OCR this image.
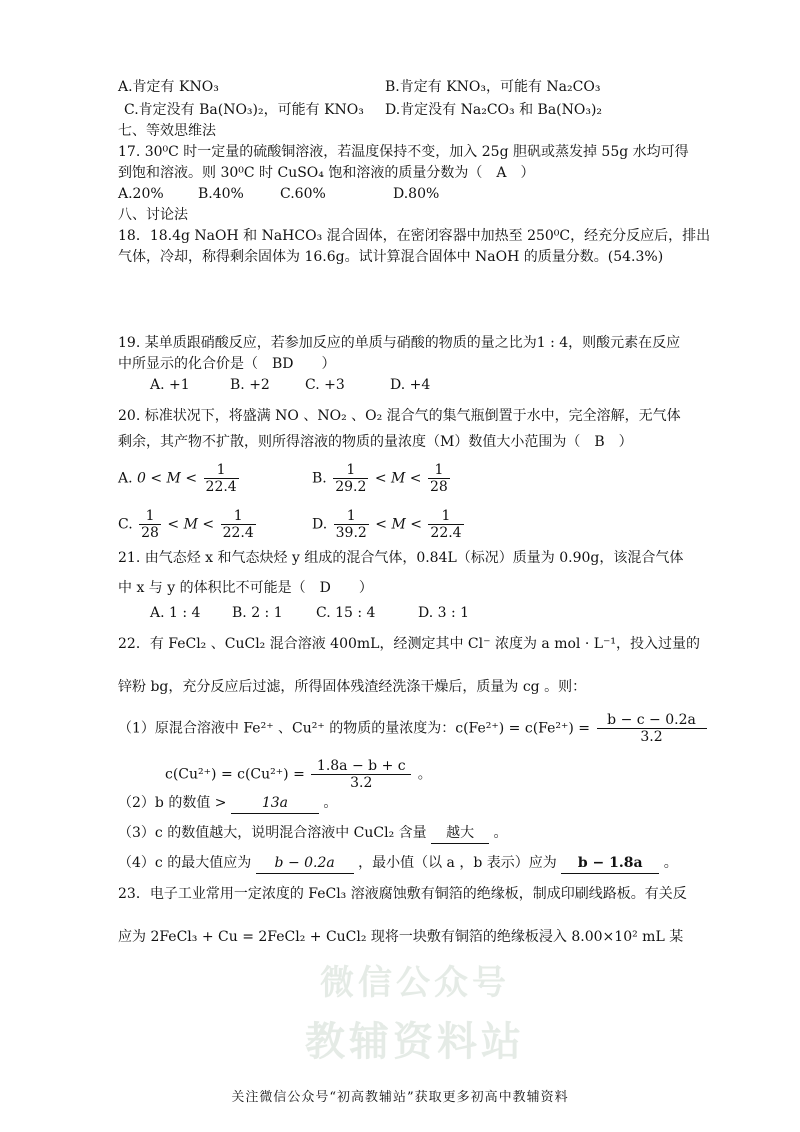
微信公众号
教辅资料站
A.肯定有 KNO₃	B.肯定有 KNO₃，可能有 Na₂CO₃
C.肯定没有 Ba(NO₃)₂，可能有 KNO₃ D.肯定没有 Na₂CO₃ 和 Ba(NO₃)₂
七、等效思维法
17. 30⁰C 时一定量的硫酸铜溶液，若温度保持不变，加入 25g 胆矾或蒸发掉 55g 水均可得
到饱和溶液。则 30⁰C 时 CuSO₄ 饱和溶液的质量分数为（　A　）
A.20% B.40%	C.60%	D.80%
八、讨论法
18．18.4g NaOH 和 NaHCO₃ 混合固体，在密闭容器中加热至 250⁰C，经充分反应后，排出
气体，冷却，称得剩余固体为 16.6g。试计算混合固体中 NaOH 的质量分数。(54.3%)
19. 某单质跟硝酸反应，若参加反应的单质与硝酸的物质的量之比为1 : 4，则酸元素在反应
中所显示的化合价是（　BD　　）
A. +1	B. +2	C. +3	D. +4
20. 标准状况下，将盛满 NO 、NO₂ 、O₂ 混合气的集气瓶倒置于水中，完全溶解，无气体
剩余，其产物不扩散，则所得溶液的物质的量浓度（M）数值大小范围为（　B　）
A. $0 < M < \frac{1}{22.4}$	B. $\frac{1}{29.2} < M < \frac{1}{28}$
C. $\frac{1}{28} < M < \frac{1}{22.4}$	D. $\frac{1}{39.2} < M < \frac{1}{22.4}$
21. 由气态烃 x 和气态炔烃 y 组成的混合气体，0.84L（标况）质量为 0.90g，该混合气体
中 x 与 y 的体积比不可能是（　D　　）
A. 1 : 4 B. 2 : 1 C. 15 : 4	D. 3 : 1
22．有 FeCl₂ 、CuCl₂ 混合溶液 400mL，经测定其中 Cl⁻ 浓度为 a mol · L⁻¹，投入过量的
锌粉 bg，充分反应后过滤，所得固体残渣经洗涤干燥后，质量为 cg 。则：
（1）原混合溶液中 Fe²⁺ 、Cu²⁺ 的物质的量浓度为：$c(Fe^{2+}) = c(Fe^{2+}) = \frac{b - c - 0.2a}{3.2}$
$c(Cu^{2+}) = c(Cu^{2+}) = \frac{1.8a - b + c}{3.2}$ 。
（2）b 的数值 >	13a	。
（3）c 的数值越大，说明混合溶液中 CuCl₂ 含量 越大 。
（4）c 的最大值应为 b − 0.2a ，最小值（以 a ，b 表示）应为 b − 1.8a 。
23．电子工业常用一定浓度的 FeCl₃ 溶液腐蚀敷有铜箔的绝缘板，制成印刷线路板。有关反
应为 2FeCl₃ + Cu = 2FeCl₂ + CuCl₂ 现将一块敷有铜箔的绝缘板浸入 8.00×10² mL 某
关注微信公众号“初高教辅站”获取更多初高中教辅资料
